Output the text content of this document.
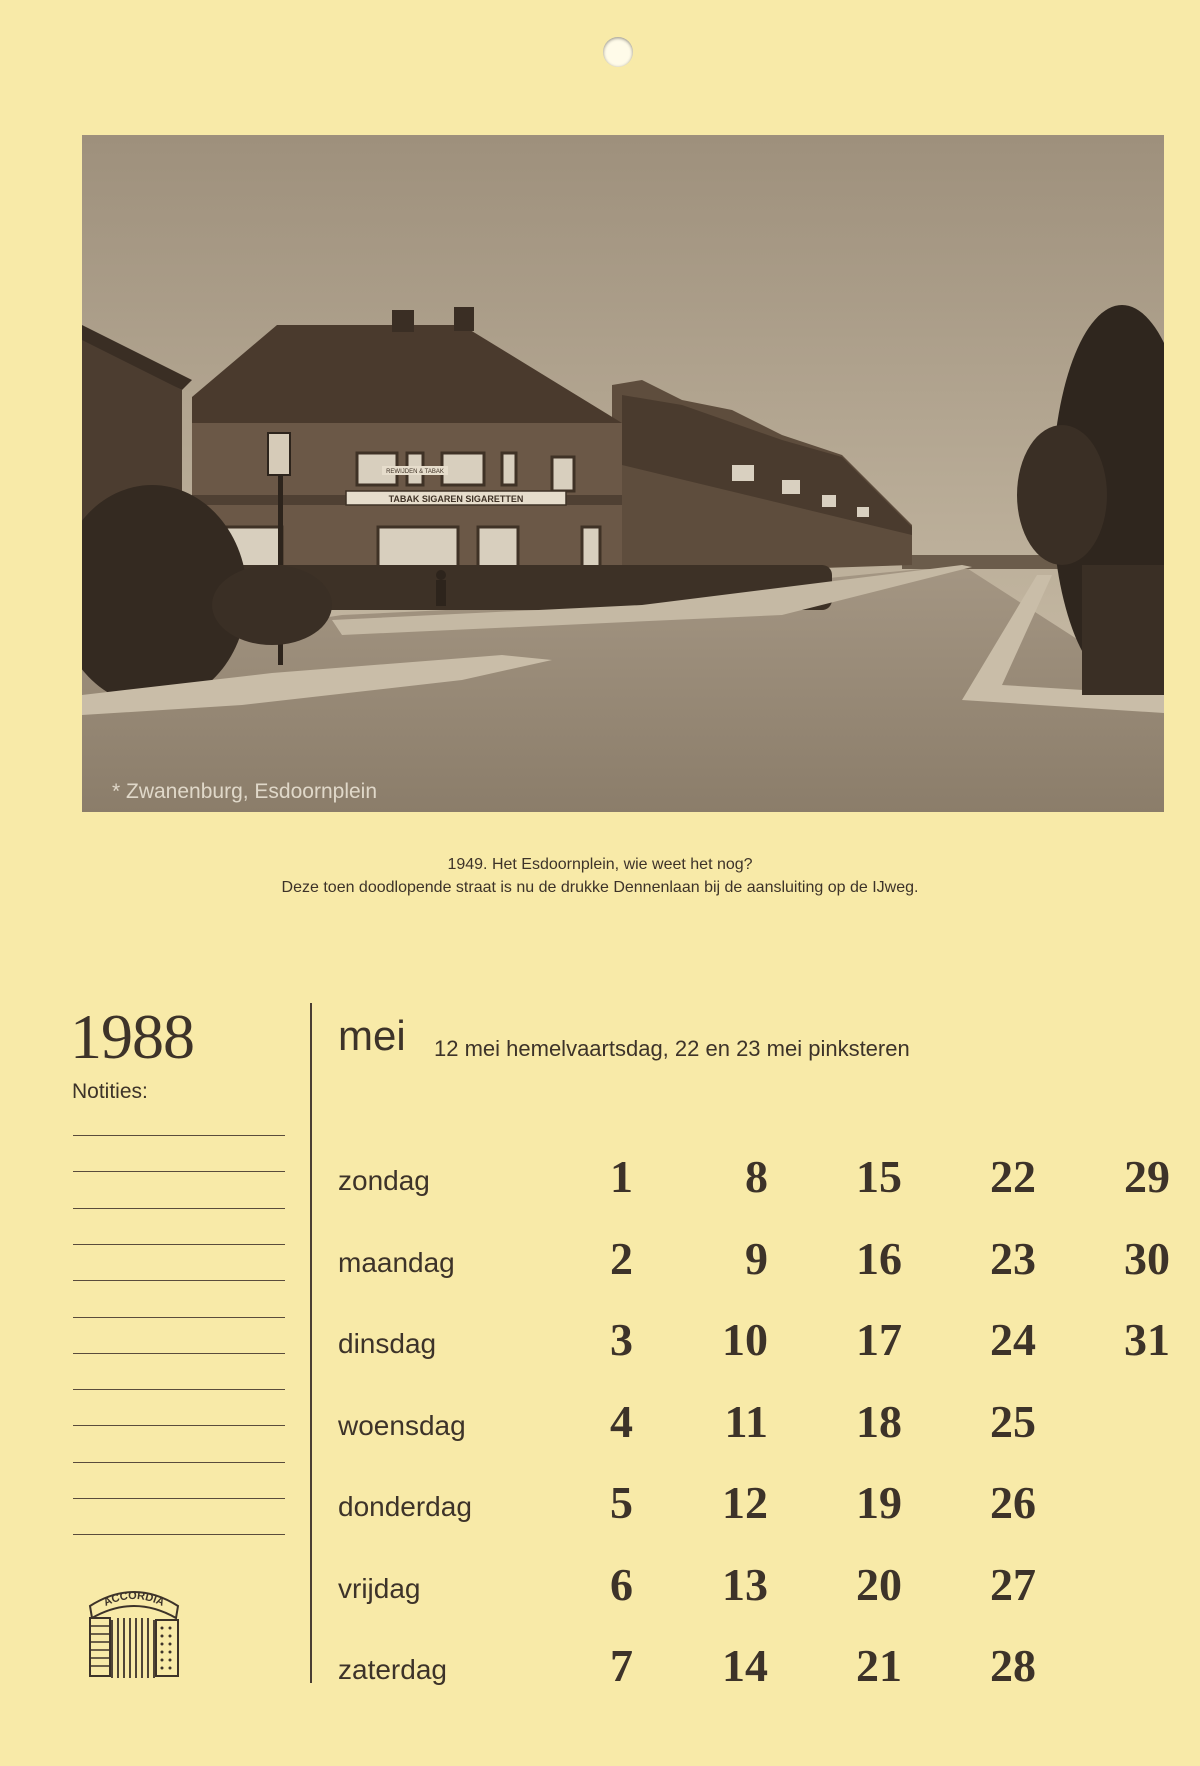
TABAK SIGAREN SIGARETTEN
REWIJDEN & TABAK
* Zwanenburg, Esdoornplein
1949. Het Esdoornplein, wie weet het nog?
Deze toen doodlopende straat is nu de drukke Dennenlaan bij de aansluiting op de IJweg.
1988
Notities:
mei 12 mei hemelvaartsdag, 22 en 23 mei pinksteren
zondag
maandag
dinsdag
woensdag
donderdag
vrijdag
zaterdag
1
2
3
4
5
6
7
8
9
10
11
12
13
14
15
16
17
18
19
20
21
22
23
24
25
26
27
28
29
30
31
ACCORDIA
